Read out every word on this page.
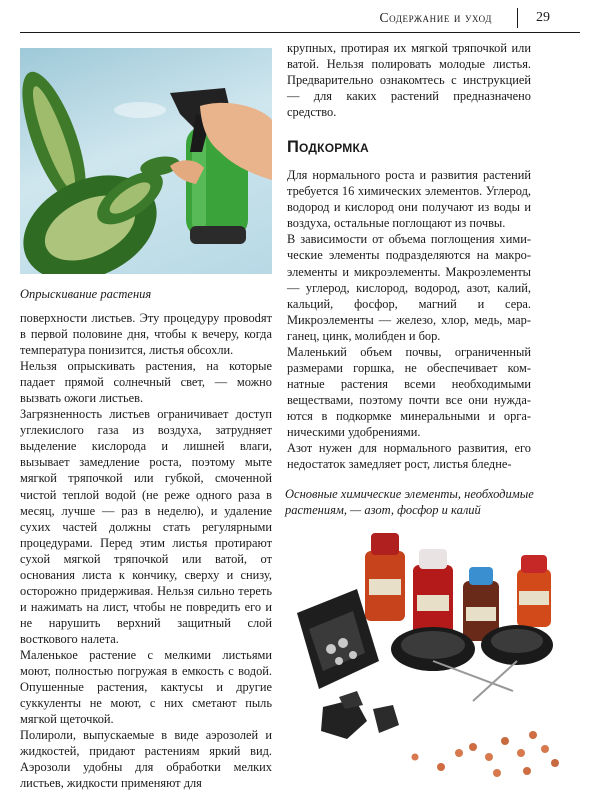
Содержание и уход	29
Опрыскивание растения

поверхности листьев. Эту процедуру провоdят в первой половине дня, чтобы к вечеру, когда температура понизится, листья обсохли.

Нельзя опрыскивать растения, на которые падает прямой солнечный свет, — можно вызвать ожоги листьев.

Загрязненность листьев ограничивает доступ углекислого газа из воздуха, затрудняет выделение кислорода и лишней влаги, вызывает замедление роста, поэтому мыте мягкой тряпочкой или губкой, смоченной чистой теплой водой (не реже одного раза в месяц, лучше — раз в неделю), и удаление сухих частей должны стать регулярными процедурами. Перед этим листья протирают сухой мягкой тряпочкой или ватой, от основания листа к кончику, сверху и снизу, осторожно придерживая. Нельзя сильно тереть и нажимать на лист, чтобы не повредить его и не нарушить верхний защитный слой восткового налета.

Маленькое растение с мелкими листьями моют, полностью погружая в емкость с водой. Опушенные растения, кактусы и другие суккуленты не моют, с них сметают пыль мягкой щеточкой.

Полироли, выпускаемые в виде аэрозолей и жидкостей, придают растениям яркий вид. Аэрозоли удобны для обработки мелких листьев, жидкости применяют для

крупных, протирая их мягкой тряпочкой или ватой. Нельзя полировать молодые листья. Предварительно ознакомтесь с инструкцией — для каких растений предназначено средство.
Подкормка

Для нормального роста и развития растений требуется 16 химических элементов. Углерод, водород и кислород они получают из воды и воздуха, остальные поглощают из почвы.

В зависимости от объема поглощения химические элементы подразделяются на макроэлементы и микроэлементы. Макроэлементы — углерод, кислород, водород, азот, калий, кальций, фосфор, магний и сера. Микроэлементы — железо, хлор, медь, марганец, цинк, молибден и бор.

Маленький объем почвы, ограниченный размерами горшка, не обеспечивает комнатные растения всеми необходимыми веществами, поэтому почти все они нуждаются в подкормке минеральными и органическими удобрениями.

Азот нужен для нормального развития, его недостаток замедляет рост, листья бледне-

Основные химические элементы, необходимые растениям, — азот, фосфор и калий
